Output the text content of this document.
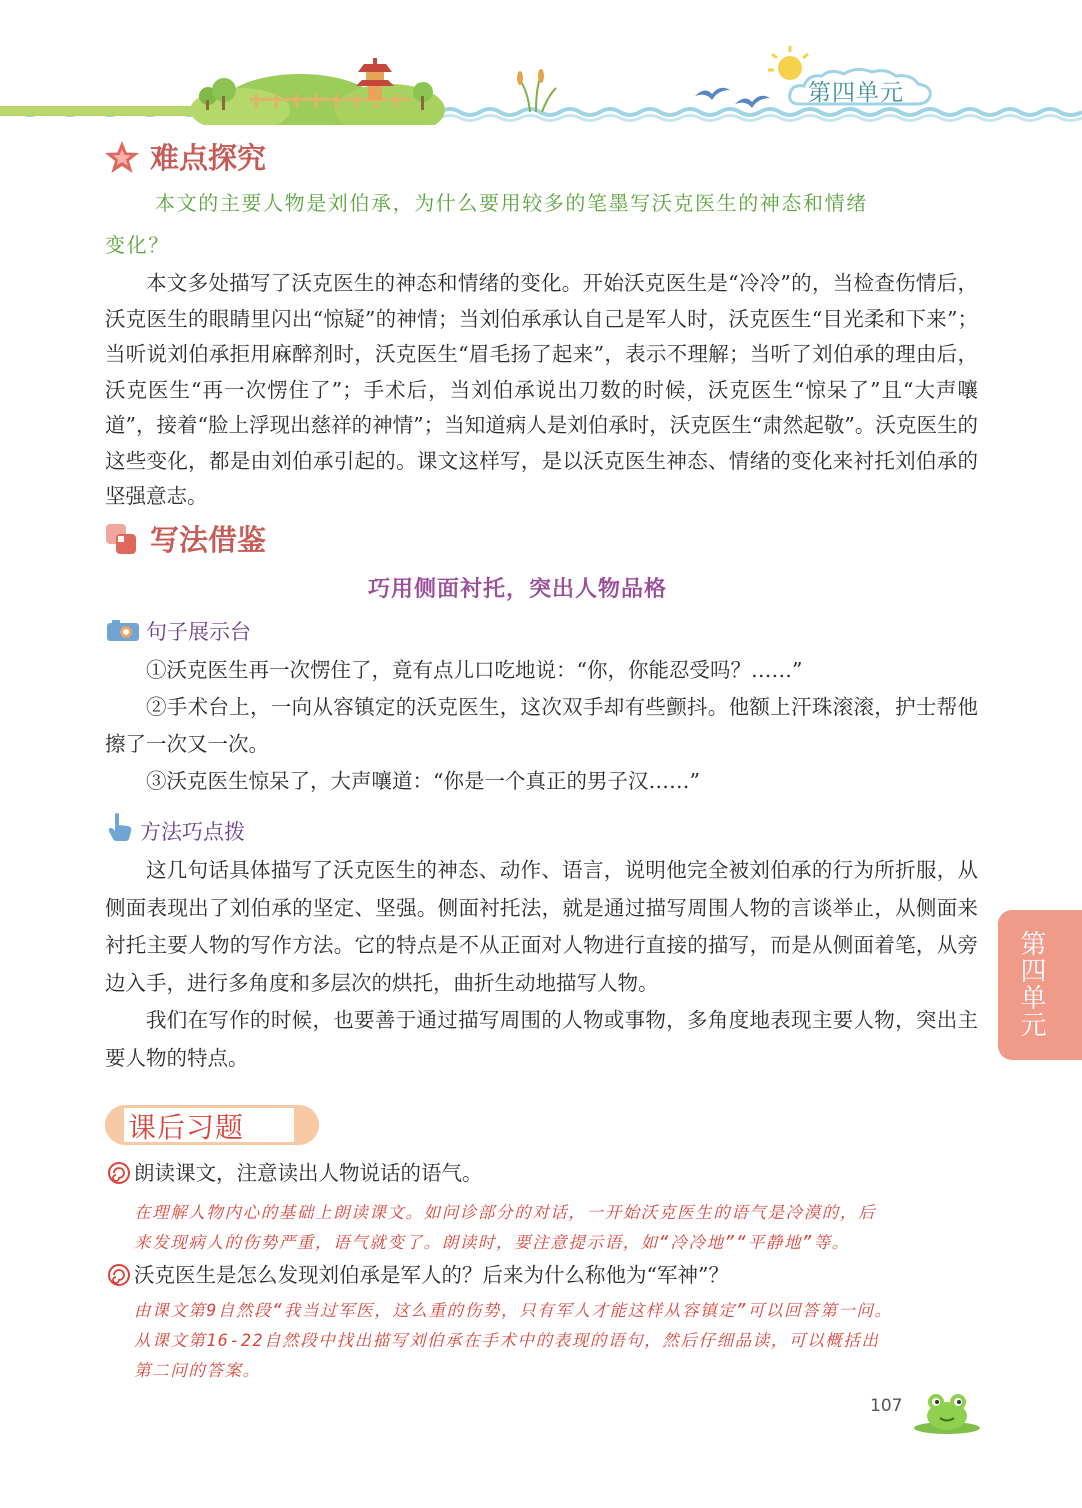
第四单元
难点探究
本文的主要人物是刘伯承，为什么要用较多的笔墨写沃克医生的神态和情绪
变化？

本文多处描写了沃克医生的神态和情绪的变化。开始沃克医生是“冷冷”的，当检查伤情后，沃克医生的眼睛里闪出“惊疑”的神情；当刘伯承承认自己是军人时，沃克医生“目光柔和下来”；当听说刘伯承拒用麻醉剂时，沃克医生“眉毛扬了起来”，表示不理解；当听了刘伯承的理由后，沃克医生“再一次愣住了”；手术后，当刘伯承说出刀数的时候，沃克医生“惊呆了”且“大声嚷道”，接着“脸上浮现出慈祥的神情”；当知道病人是刘伯承时，沃克医生“肃然起敬”。沃克医生的这些变化，都是由刘伯承引起的。课文这样写，是以沃克医生神态、情绪的变化来衬托刘伯承的坚强意志。

写法借鉴
巧用侧面衬托，突出人物品格
句子展示台

①沃克医生再一次愣住了，竟有点儿口吃地说：“你，你能忍受吗？……”

②手术台上，一向从容镇定的沃克医生，这次双手却有些颤抖。他额上汗珠滚滚，护士帮他擦了一次又一次。

③沃克医生惊呆了，大声嚷道：“你是一个真正的男子汉……”

方法巧点拨

这几句话具体描写了沃克医生的神态、动作、语言，说明他完全被刘伯承的行为所折服，从侧面表现出了刘伯承的坚定、坚强。侧面衬托法，就是通过描写周围人物的言谈举止，从侧面来衬托主要人物的写作方法。它的特点是不从正面对人物进行直接的描写，而是从侧面着笔，从旁边入手，进行多角度和多层次的烘托，曲折生动地描写人物。

我们在写作的时候，也要善于通过描写周围的人物或事物，多角度地表现主要人物，突出主要人物的特点。

课后习题
朗读课文，注意读出人物说话的语气。
在理解人物内心的基础上朗读课文。如问诊部分的对话，一开始沃克医生的语气是冷漠的，后
来发现病人的伤势严重，语气就变了。朗读时，要注意提示语，如“冷冷地”“平静地”等。
沃克医生是怎么发现刘伯承是军人的？后来为什么称他为“军神”？
由课文第9自然段“我当过军医，这么重的伤势，只有军人才能这样从容镇定”可以回答第一问。
从课文第16-22自然段中找出描写刘伯承在手术中的表现的语句，然后仔细品读，可以概括出
第二问的答案。
第四单元
107
